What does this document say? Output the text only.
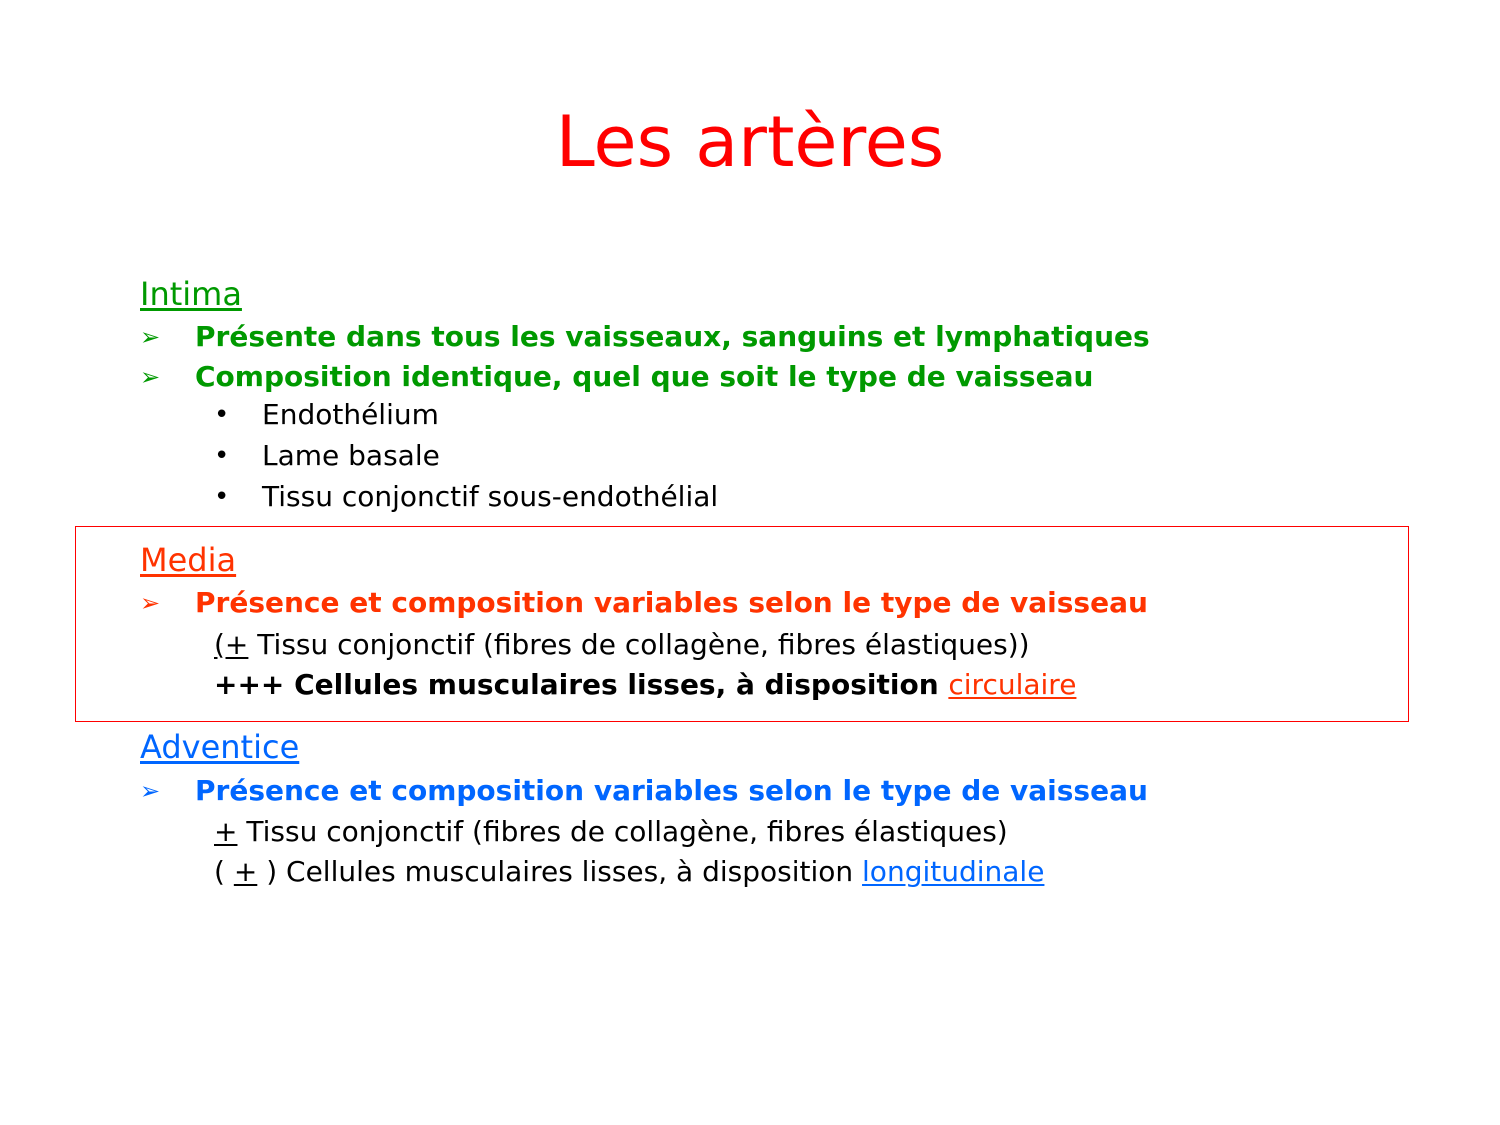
Les artères
Intima
➢ Présente dans tous les vaisseaux, sanguins et lymphatiques
➢ Composition identique, quel que soit le type de vaisseau
• Endothélium
• Lame basale
• Tissu conjonctif sous-endothélial
Media
➢ Présence et composition variables selon le type de vaisseau
(+ Tissu conjonctif (fibres de collagène, fibres élastiques))
+++ Cellules musculaires lisses, à disposition circulaire
Adventice
➢ Présence et composition variables selon le type de vaisseau
+ Tissu conjonctif (fibres de collagène, fibres élastiques)
( + ) Cellules musculaires lisses, à disposition longitudinale
